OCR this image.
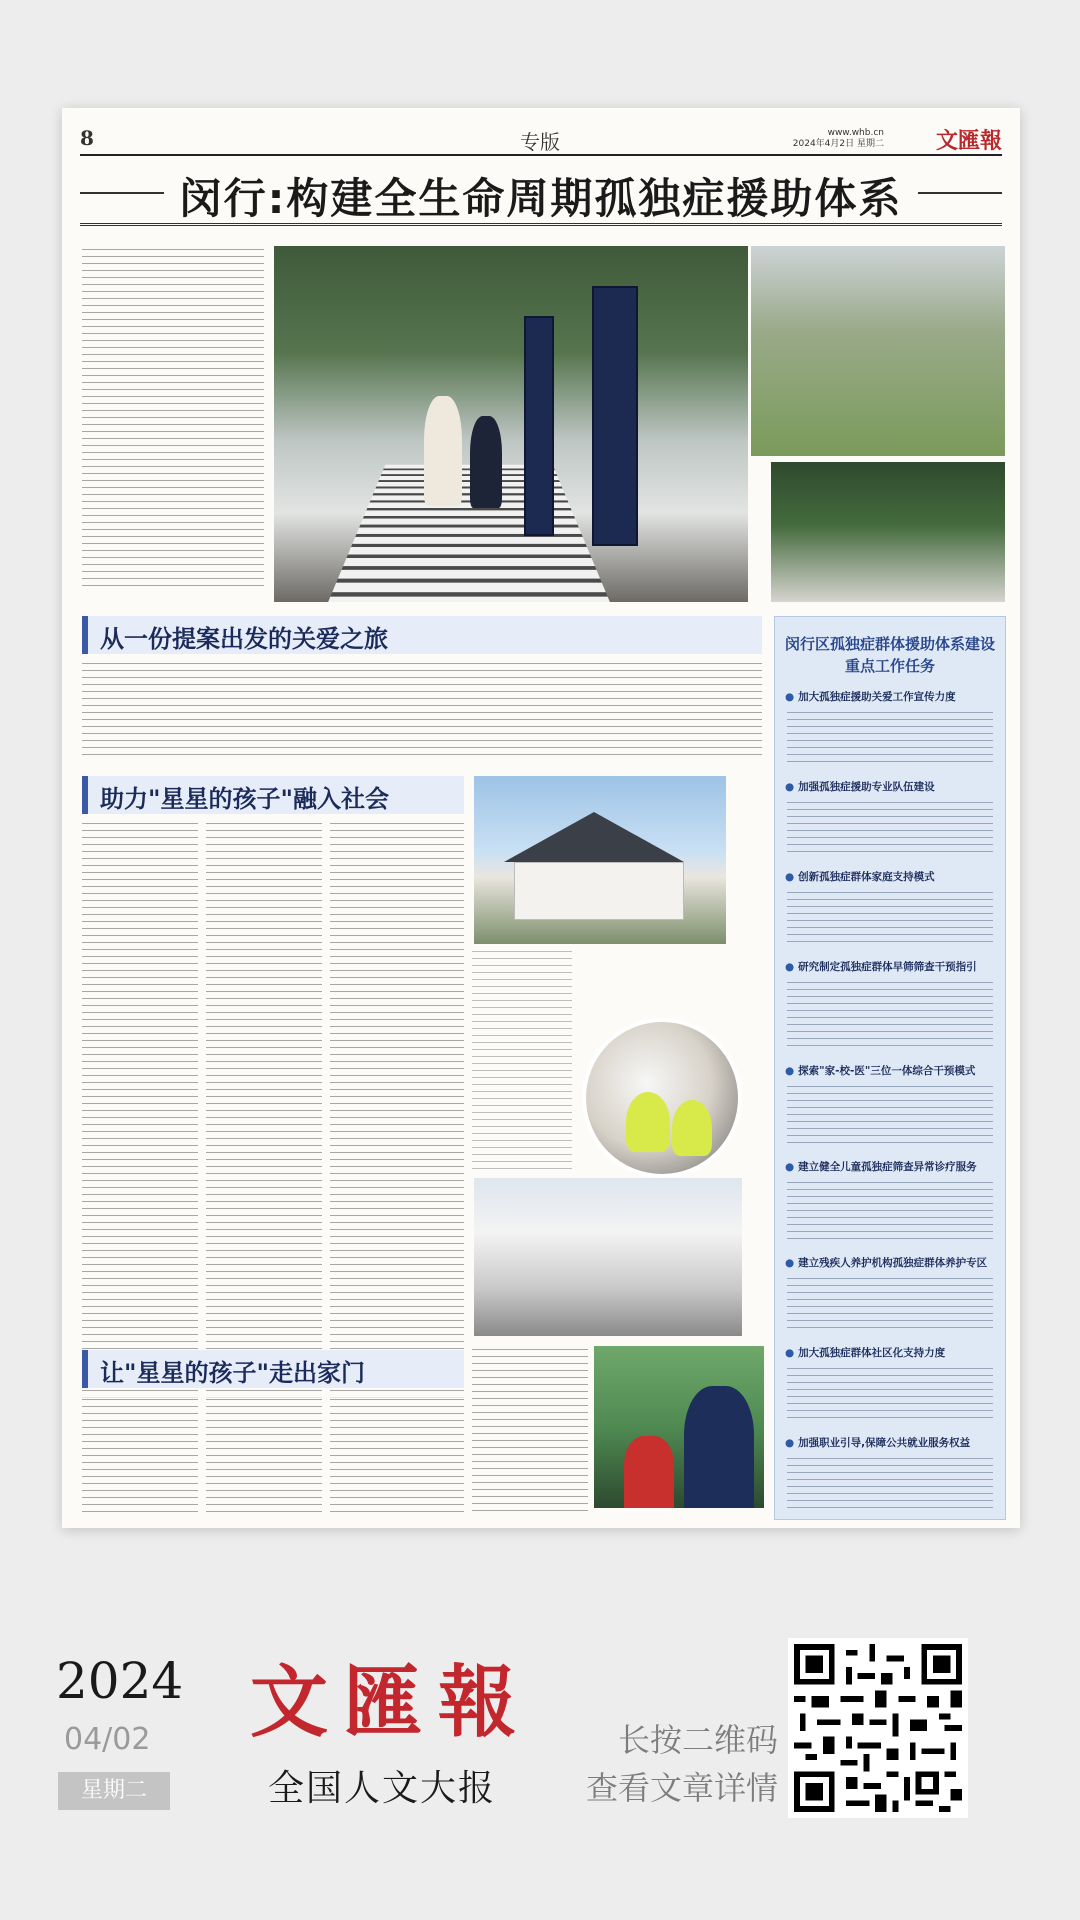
8	专版	www.whb.cn
2024年4月2日 星期二 文匯報
闵行:构建全生命周期孤独症援助体系
从一份提案出发的关爱之旅
助力"星星的孩子"融入社会
让"星星的孩子"走出家门
闵行区孤独症群体援助体系建设
重点工作任务
● 加大孤独症援助关爱工作宣传力度
● 加强孤独症援助专业队伍建设
● 创新孤独症群体家庭支持模式
● 研究制定孤独症群体早筛筛查干预指引
● 探索"家-校-医"三位一体综合干预模式
● 建立健全儿童孤独症筛查异常诊疗服务
● 建立残疾人养护机构孤独症群体养护专区
● 加大孤独症群体社区化支持力度
● 加强职业引导,保障公共就业服务权益
2024
04/02
星期二
文匯報
全国人文大报
长按二维码
查看文章详情
